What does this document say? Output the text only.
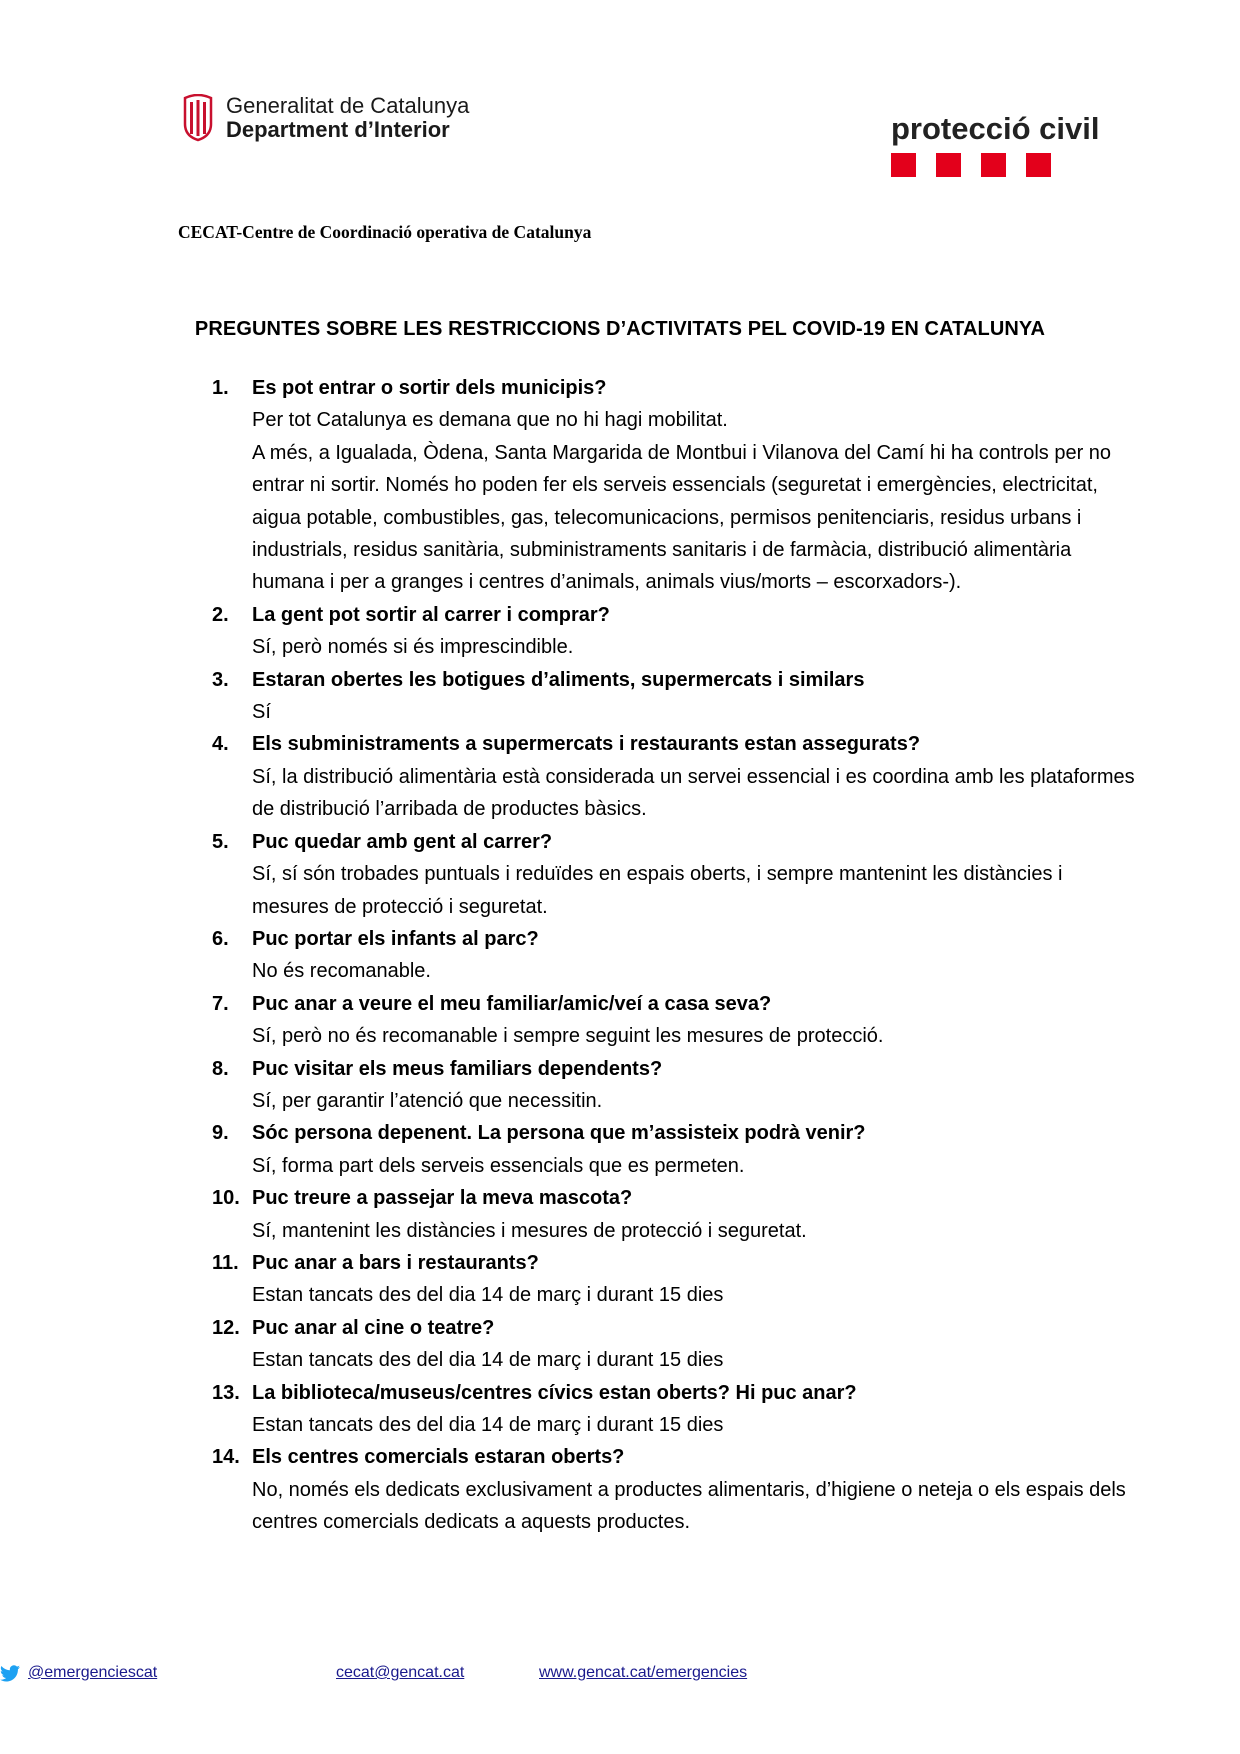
Generalitat de Catalunya
Department d’Interior	protecció civil
CECAT-Centre de Coordinació operativa de Catalunya
PREGUNTES SOBRE LES RESTRICCIONS D’ACTIVITATS PEL COVID-19 EN CATALUNYA
1.	Es pot entrar o sortir dels municipis?
Per tot Catalunya es demana que no hi hagi mobilitat.
A més, a Igualada, Òdena, Santa Margarida de Montbui i Vilanova del Camí hi ha controls per no entrar ni sortir. Només ho poden fer els serveis essencials (seguretat i emergències, electricitat, aigua potable, combustibles, gas, telecomunicacions, permisos penitenciaris, residus urbans i industrials, residus sanitària, subministraments sanitaris i de farmàcia, distribució alimentària humana i per a granges i centres d’animals, animals vius/morts – escorxadors-).
2.	La gent pot sortir al carrer i comprar?
Sí, però només si és imprescindible.
3.	Estaran obertes les botigues d’aliments, supermercats i similars
Sí
4.	Els subministraments a supermercats i restaurants estan assegurats?
Sí, la distribució alimentària està considerada un servei essencial i es coordina amb les plataformes de distribució l’arribada de productes bàsics.
5.	Puc quedar amb gent al carrer?
Sí, sí són trobades puntuals i reduïdes en espais oberts, i sempre mantenint les distàncies i mesures de protecció i seguretat.
6.	Puc portar els infants al parc?
No és recomanable.
7.	Puc anar a veure el meu familiar/amic/veí a casa seva?
Sí, però no és recomanable i sempre seguint les mesures de protecció.
8.	Puc visitar els meus familiars dependents?
Sí, per garantir l’atenció que necessitin.
9.	Sóc persona depenent. La persona que m’assisteix podrà venir?
Sí, forma part dels serveis essencials que es permeten.
10. Puc treure a passejar la meva mascota?
Sí, mantenint les distàncies i mesures de protecció i seguretat.
11. Puc anar a bars i restaurants?
Estan tancats des del dia 14 de març i durant 15 dies
12. Puc anar al cine o teatre?
Estan tancats des del dia 14 de març i durant 15 dies
13. La biblioteca/museus/centres cívics estan oberts? Hi puc anar?
Estan tancats des del dia 14 de març i durant 15 dies
14. Els centres comercials estaran oberts?
No, només els dedicats exclusivament a productes alimentaris, d’higiene o neteja o els espais dels centres comercials dedicats a aquests productes.
cecat@gencat.cat	www.gencat.cat/emergencies
@emergenciescat
